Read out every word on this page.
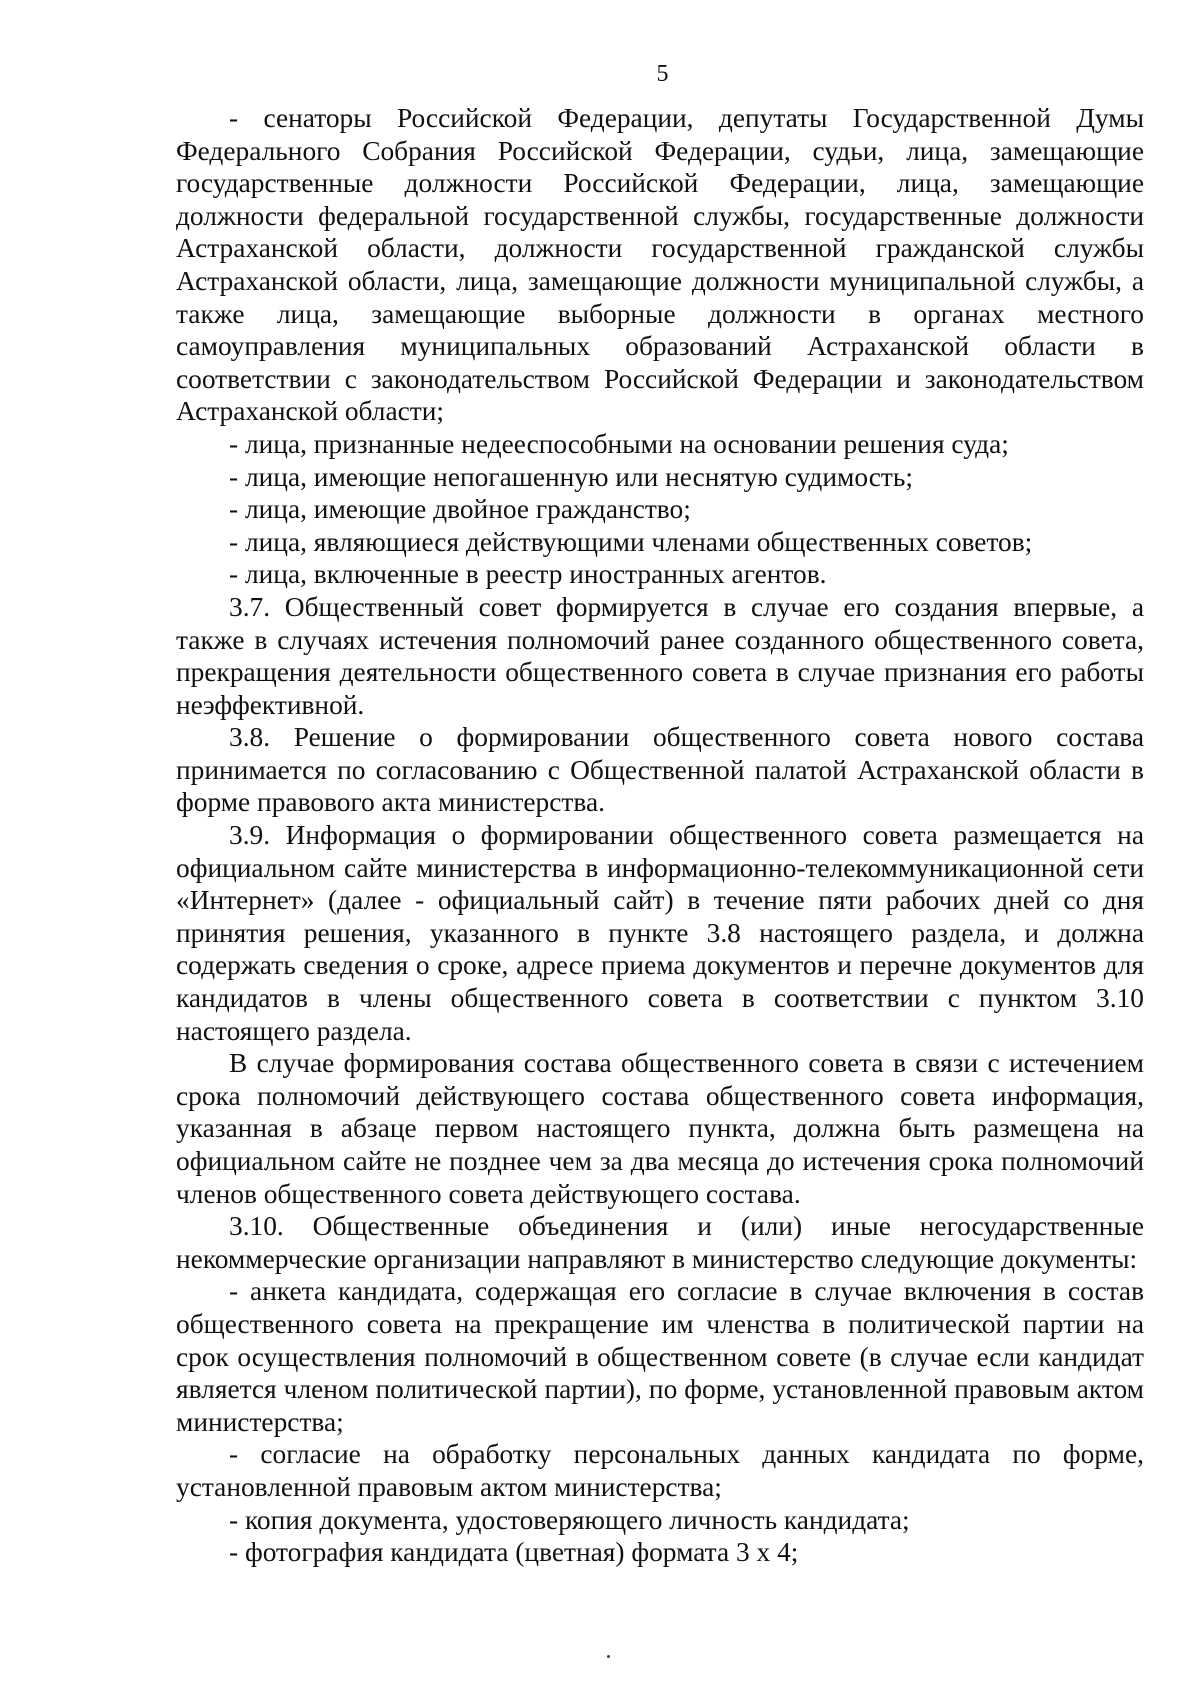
5

- сенаторы Российской Федерации, депутаты Государственной Думы Федерального Собрания Российской Федерации, судьи, лица, замещающие государственные должности Российской Федерации, лица, замещающие должности федеральной государственной службы, государственные должности Астраханской области, должности государственной гражданской службы Астраханской области, лица, замещающие должности муниципальной службы, а также лица, замещающие выборные должности в органах местного самоуправления муниципальных образований Астраханской области в соответствии с законодательством Российской Федерации и законодательством Астраханской области;

- лица, признанные недееспособными на основании решения суда;

- лица, имеющие непогашенную или неснятую судимость;

- лица, имеющие двойное гражданство;

- лица, являющиеся действующими членами общественных советов;

- лица, включенные в реестр иностранных агентов.

3.7. Общественный совет формируется в случае его создания впервые, а также в случаях истечения полномочий ранее созданного общественного совета, прекращения деятельности общественного совета в случае признания его работы неэффективной.

3.8. Решение о формировании общественного совета нового состава принимается по согласованию с Общественной палатой Астраханской области в форме правового акта министерства.

3.9. Информация о формировании общественного совета размещается на официальном сайте министерства в информационно-телекоммуникационной сети «Интернет» (далее - официальный сайт) в течение пяти рабочих дней со дня принятия решения, указанного в пункте 3.8 настоящего раздела, и должна содержать сведения о сроке, адресе приема документов и перечне документов для кандидатов в члены общественного совета в соответствии с пунктом 3.10 настоящего раздела.

В случае формирования состава общественного совета в связи с истечением срока полномочий действующего состава общественного совета информация, указанная в абзаце первом настоящего пункта, должна быть размещена на официальном сайте не позднее чем за два месяца до истечения срока полномочий членов общественного совета действующего состава.

3.10. Общественные объединения и (или) иные негосударственные некоммерческие организации направляют в министерство следующие документы:

- анкета кандидата, содержащая его согласие в случае включения в состав общественного совета на прекращение им членства в политической партии на срок осуществления полномочий в общественном совете (в случае если кандидат является членом политической партии), по форме, установленной правовым актом министерства;

- согласие на обработку персональных данных кандидата по форме, установленной правовым актом министерства;

- копия документа, удостоверяющего личность кандидата;

- фотография кандидата (цветная) формата 3 х 4;
